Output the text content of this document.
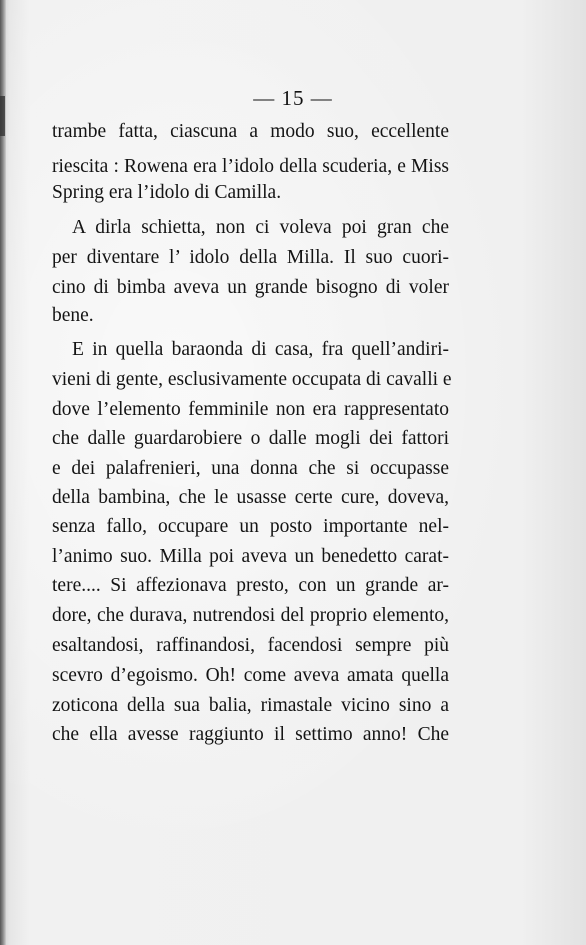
— 15 —
trambe fatta, ciascuna a modo suo, eccellente
riescita : Rowena era l’idolo della scuderia, e Miss
Spring era l’idolo di Camilla.
A dirla schietta, non ci voleva poi gran che
per diventare l’ idolo della Milla. Il suo cuori-
cino di bimba aveva un grande bisogno di voler
bene.
E in quella baraonda di casa, fra quell’andiri-
vieni di gente, esclusivamente occupata di cavalli e
dove l’elemento femminile non era rappresentato
che dalle guardarobiere o dalle mogli dei fattori
e dei palafrenieri, una donna che si occupasse
della bambina, che le usasse certe cure, doveva,
senza fallo, occupare un posto importante nel-
l’animo suo. Milla poi aveva un benedetto carat-
tere.... Si affezionava presto, con un grande ar-
dore, che durava, nutrendosi del proprio elemento,
esaltandosi, raffinandosi, facendosi sempre più
scevro d’egoismo. Oh! come aveva amata quella
zoticona della sua balia, rimastale vicino sino a
che ella avesse raggiunto il settimo anno! Che
